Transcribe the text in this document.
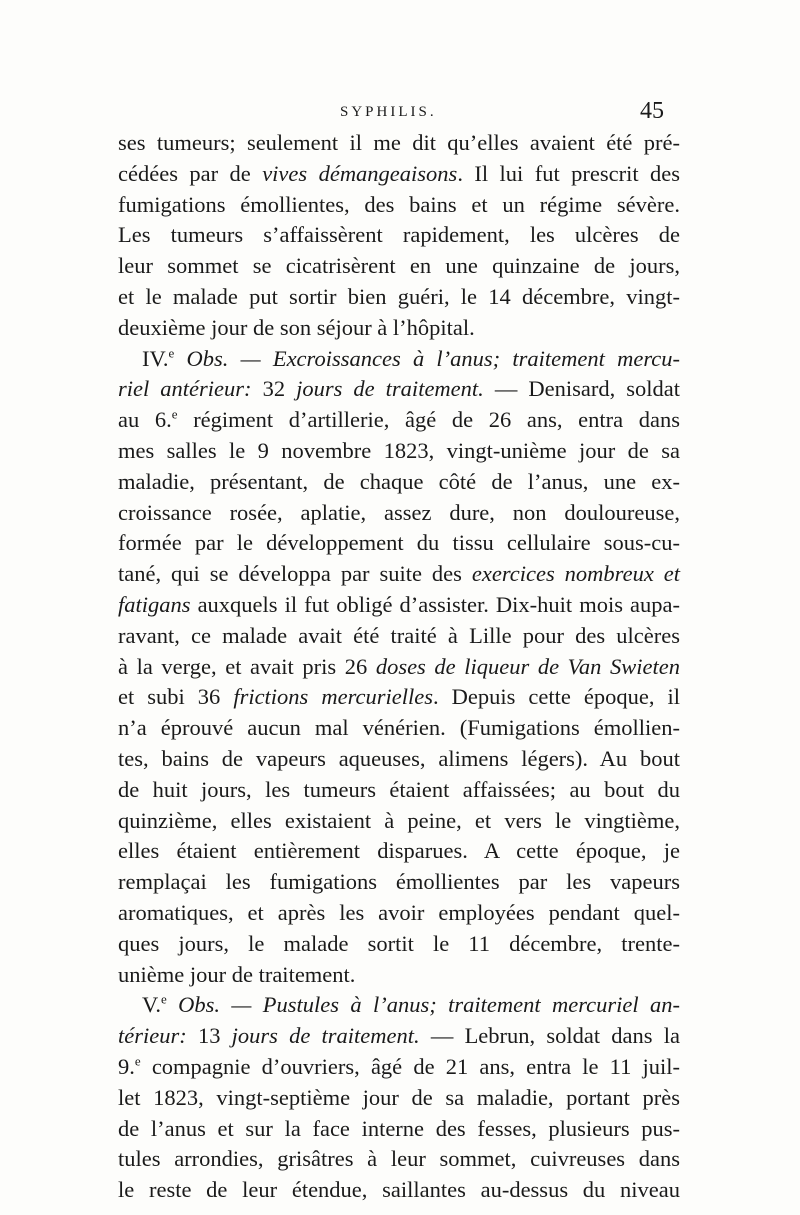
SYPHILIS.	45
ses tumeurs; seulement il me dit qu’elles avaient été pré-
cédées par de vives démangeaisons. Il lui fut prescrit des
fumigations émollientes, des bains et un régime sévère.
Les tumeurs s’affaissèrent rapidement, les ulcères de
leur sommet se cicatrisèrent en une quinzaine de jours,
et le malade put sortir bien guéri, le 14 décembre, vingt-
deuxième jour de son séjour à l’hôpital.
IV.$^e$ Obs. — Excroissances à l’anus; traitement mercu-
riel antérieur: 32 jours de traitement. — Denisard, soldat
au 6.$^e$ régiment d’artillerie, âgé de 26 ans, entra dans
mes salles le 9 novembre 1823, vingt-unième jour de sa
maladie, présentant, de chaque côté de l’anus, une ex-
croissance rosée, aplatie, assez dure, non douloureuse,
formée par le développement du tissu cellulaire sous-cu-
tané, qui se développa par suite des exercices nombreux et
fatigans auxquels il fut obligé d’assister. Dix-huit mois aupa-
ravant, ce malade avait été traité à Lille pour des ulcères
à la verge, et avait pris 26 doses de liqueur de Van Swieten
et subi 36 frictions mercurielles. Depuis cette époque, il
n’a éprouvé aucun mal vénérien. (Fumigations émollien-
tes, bains de vapeurs aqueuses, alimens légers). Au bout
de huit jours, les tumeurs étaient affaissées; au bout du
quinzième, elles existaient à peine, et vers le vingtième,
elles étaient entièrement disparues. A cette époque, je
remplaçai les fumigations émollientes par les vapeurs
aromatiques, et après les avoir employées pendant quel-
ques jours, le malade sortit le 11 décembre, trente-
unième jour de traitement.
V.$^e$ Obs. — Pustules à l’anus; traitement mercuriel an-
térieur: 13 jours de traitement. — Lebrun, soldat dans la
9.$^e$ compagnie d’ouvriers, âgé de 21 ans, entra le 11 juil-
let 1823, vingt-septième jour de sa maladie, portant près
de l’anus et sur la face interne des fesses, plusieurs pus-
tules arrondies, grisâtres à leur sommet, cuivreuses dans
le reste de leur étendue, saillantes au-dessus du niveau
